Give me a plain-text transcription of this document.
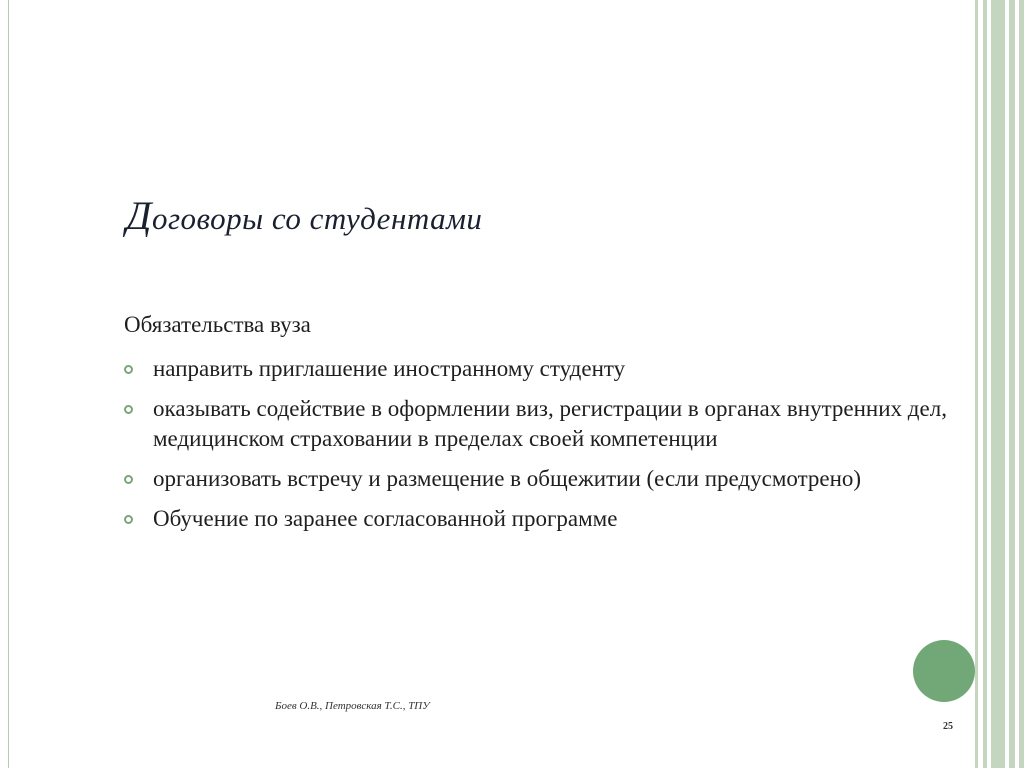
Договоры со студентами
Обязательства вуза
направить приглашение иностранному студенту
оказывать содействие в оформлении виз, регистрации в органах внутренних дел, медицинском страховании в пределах своей компетенции
организовать встречу и размещение в общежитии (если предусмотрено)
Обучение по заранее согласованной программе
Боев О.В., Петровская Т.С., ТПУ
25
